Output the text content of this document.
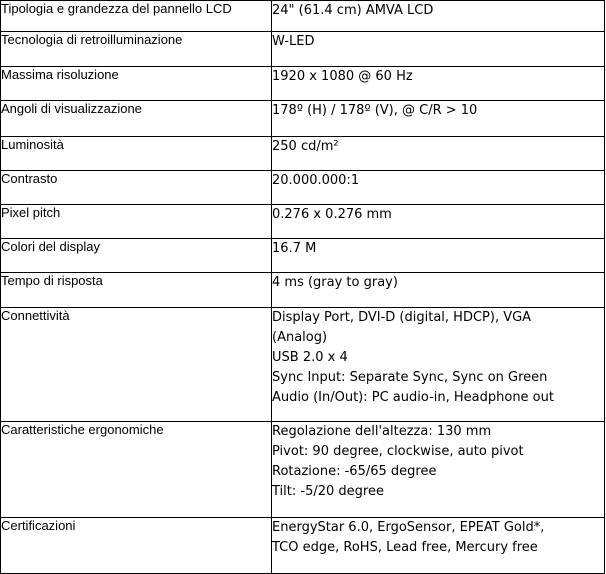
Tipologia e grandezza del pannello LCD	24" (61.4 cm) AMVA LCD

Tecnologia di retroilluminazione	W-LED

Massima risoluzione	1920 x 1080 @ 60 Hz

Angoli di visualizzazione	178º (H) / 178º (V), @ C/R > 10

Luminosità	250 cd/m²

Contrasto	20.000.000:1

Pixel pitch	0.276 x 0.276 mm

Colori del display	16.7 M

Tempo di risposta	4 ms (gray to gray)

Connettività	Display Port, DVI-D (digital, HDCP), VGA
(Analog)
USB 2.0 x 4
Sync Input: Separate Sync, Sync on Green
Audio (In/Out): PC audio-in, Headphone out

Caratteristiche ergonomiche	Regolazione dell'altezza: 130 mm
Pivot: 90 degree, clockwise, auto pivot
Rotazione: -65/65 degree
Tilt: -5/20 degree

Certificazioni	EnergyStar 6.0, ErgoSensor, EPEAT Gold*,
TCO edge, RoHS, Lead free, Mercury free
